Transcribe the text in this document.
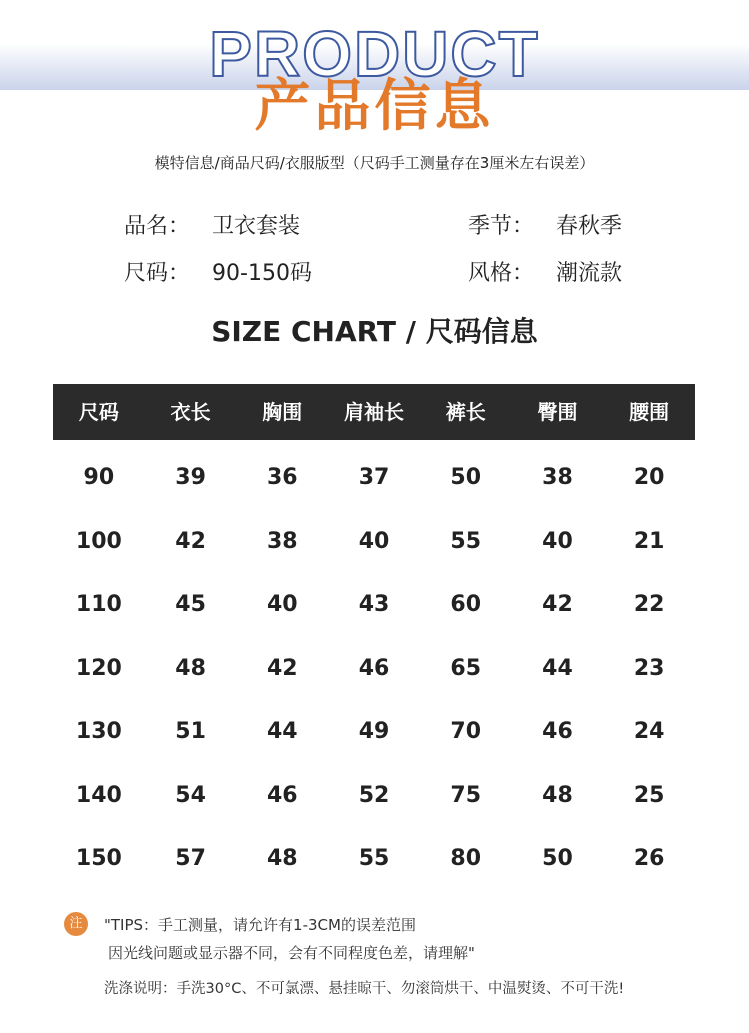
PRODUCT
产品信息
模特信息/商品尺码/衣服版型（尺码手工测量存在3厘米左右误差）
品名： 卫衣套装
尺码： 90-150码
季节： 春秋季
风格： 潮流款
SIZE CHART / 尺码信息
尺码	衣长	胸围	肩袖长	裤长	臀围	腰围
90	39	36	37	50	38	20
100	42	38	40	55	40	21
110	45	40	43	60	42	22
120	48	42	46	65	44	23
130	51	44	49	70	46	24
140	54	46	52	75	48	25
150	57	48	55	80	50	26
注	"TIPS：手工测量，请允许有1-3CM的误差范围
因光线问题或显示器不同，会有不同程度色差，请理解"
洗涤说明：手洗30°C、不可氯漂、悬挂晾干、勿滚筒烘干、中温熨烫、不可干洗!
